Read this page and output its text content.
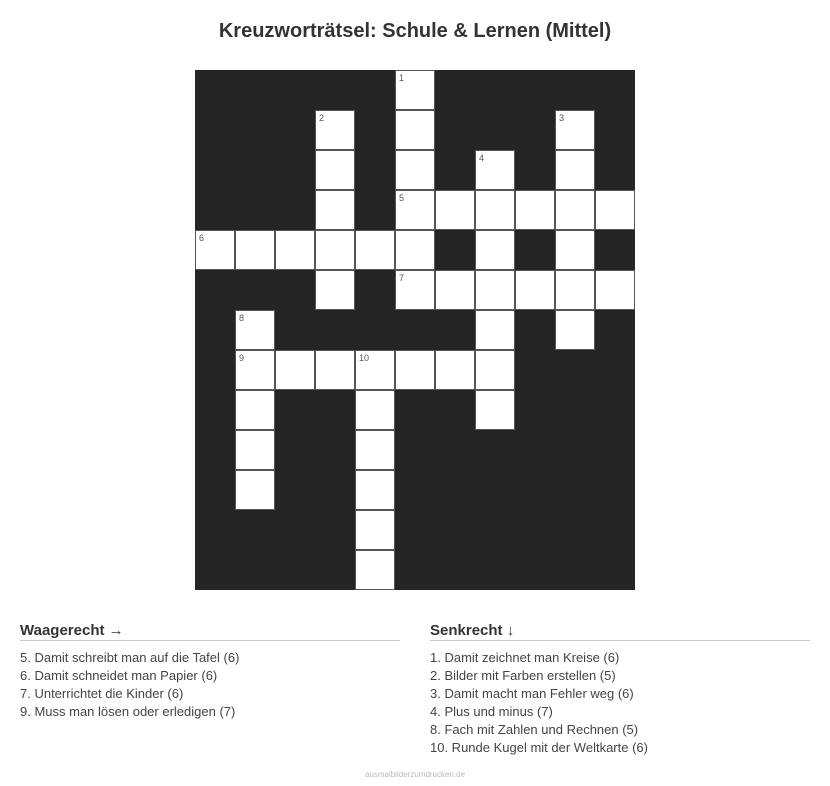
Kreuzworträtsel: Schule & Lernen (Mittel)
1
2	3
4
5
6
7
8
9	10
Waagerecht →
5. Damit schreibt man auf die Tafel (6)
6. Damit schneidet man Papier (6)
7. Unterrichtet die Kinder (6)
9. Muss man lösen oder erledigen (7)
Senkrecht ↓
1. Damit zeichnet man Kreise (6)
2. Bilder mit Farben erstellen (5)
3. Damit macht man Fehler weg (6)
4. Plus und minus (7)
8. Fach mit Zahlen und Rechnen (5)
10. Runde Kugel mit der Weltkarte (6)
ausmalbilderzumdrucken.de
